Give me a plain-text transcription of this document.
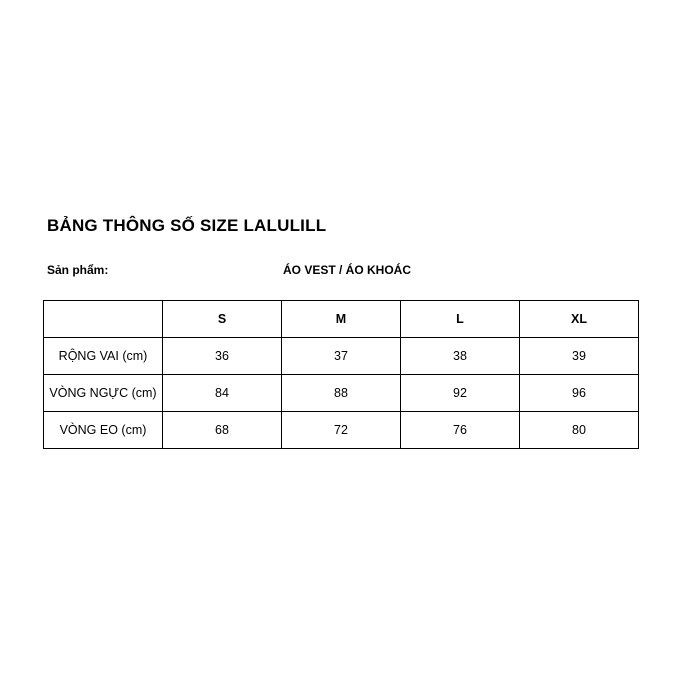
BẢNG THÔNG SỐ SIZE LALULILL
Sản phẩm:	ÁO VEST / ÁO KHOÁC
	S	M	L	XL
RỘNG VAI (cm)	36	37	38	39
VÒNG NGỰC (cm)	84	88	92	96
VÒNG EO (cm)	68	72	76	80
